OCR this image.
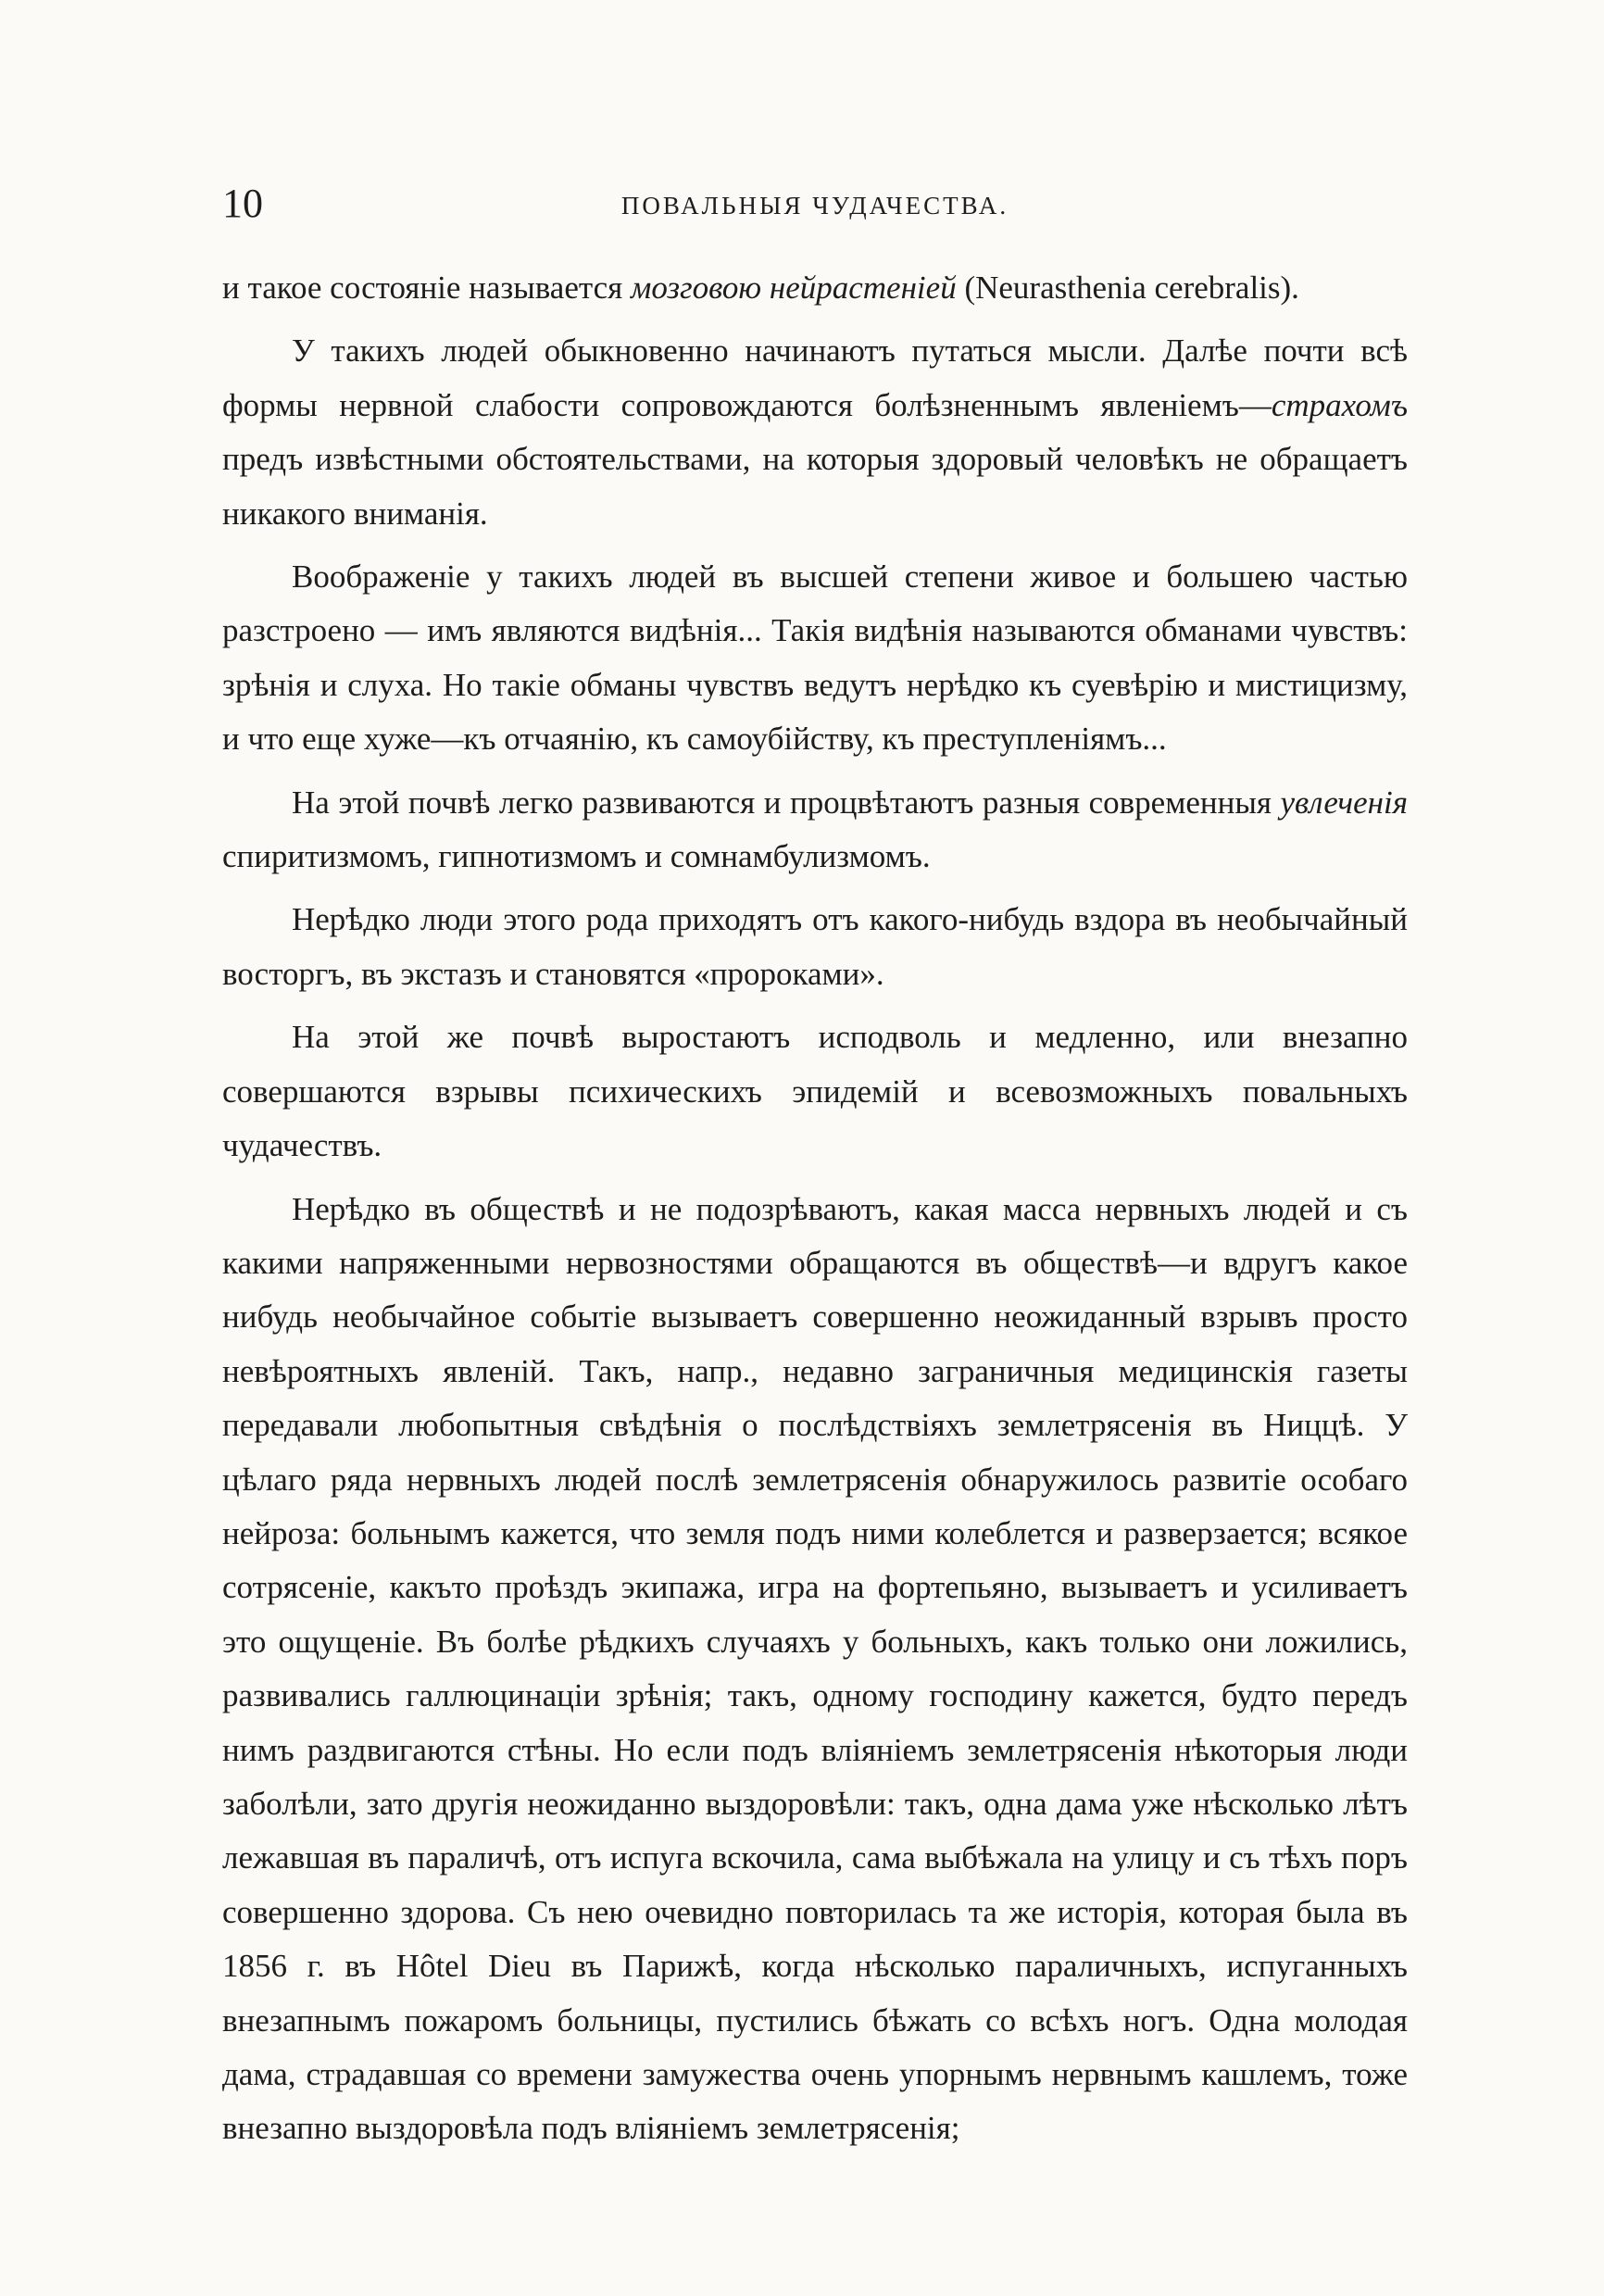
10	ПОВАЛЬНЫЯ ЧУДАЧЕСТВА.

и такое состоянiе называется мозговою нейрастенiей (Neurasthenia cerebralis).

У такихъ людей обыкновенно начинаютъ путаться мысли. Далѣе почти всѣ формы нервной слабости сопровождаются болѣзненнымъ явленiемъ—страхомъ предъ извѣстными обстоятельствами, на которыя здоровый человѣкъ не обращаетъ никакого вниманiя.

Воображенiе у такихъ людей въ высшей степени живое и большею частью разстроено — имъ являются видѣнiя... Такiя видѣнiя называются обманами чувствъ: зрѣнiя и слуха. Но такiе обманы чувствъ ведутъ нерѣдко къ суевѣрiю и мистицизму, и что еще хуже—къ отчаянiю, къ самоубiйству, къ преступленiямъ...

На этой почвѣ легко развиваются и процвѣтаютъ разныя современныя увлеченiя спиритизмомъ, гипнотизмомъ и сомнамбулизмомъ.

Нерѣдко люди этого рода приходятъ отъ какого-нибудь вздора въ необычайный восторгъ, въ экстазъ и становятся «пророками».

На этой же почвѣ выростаютъ исподволь и медленно, или внезапно совершаются взрывы психическихъ эпидемiй и всевозможныхъ повальныхъ чудачествъ.

Нерѣдко въ обществѣ и не подозрѣваютъ, какая масса нервныхъ людей и съ какими напряженными нервозностями обращаются въ обществѣ—и вдругъ какое нибудь необычайное событiе вызываетъ совершенно неожиданный взрывъ просто невѣроятныхъ явленiй. Такъ, напр., недавно заграничныя медицинскiя газеты передавали любопытныя свѣдѣнiя о послѣдствiяхъ землетрясенiя въ Ниццѣ. У цѣлаго ряда нервныхъ людей послѣ землетрясенiя обнаружилось развитiе особаго нейроза: больнымъ кажется, что земля подъ ними колеблется и разверзается; всякое сотрясенiе, какъто проѣздъ экипажа, игра на фортепьяно, вызываетъ и усиливаетъ это ощущенiе. Въ болѣе рѣдкихъ случаяхъ у больныхъ, какъ только они ложились, развивались галлюцинацiи зрѣнiя; такъ, одному господину кажется, будто передъ нимъ раздвигаются стѣны. Но если подъ влiянiемъ землетрясенiя нѣкоторыя люди заболѣли, зато другiя неожиданно выздоровѣли: такъ, одна дама уже нѣсколько лѣтъ лежавшая въ параличѣ, отъ испуга вскочила, сама выбѣжала на улицу и съ тѣхъ поръ совершенно здорова. Съ нею очевидно повторилась та же исторiя, которая была въ 1856 г. въ Hôtel Dieu въ Парижѣ, когда нѣсколько параличныхъ, испуганныхъ внезапнымъ пожаромъ больницы, пустились бѣжать со всѣхъ ногъ. Одна молодая дама, страдавшая со времени замужества очень упорнымъ нервнымъ кашлемъ, тоже внезапно выздоровѣла подъ влiянiемъ землетрясенiя;
